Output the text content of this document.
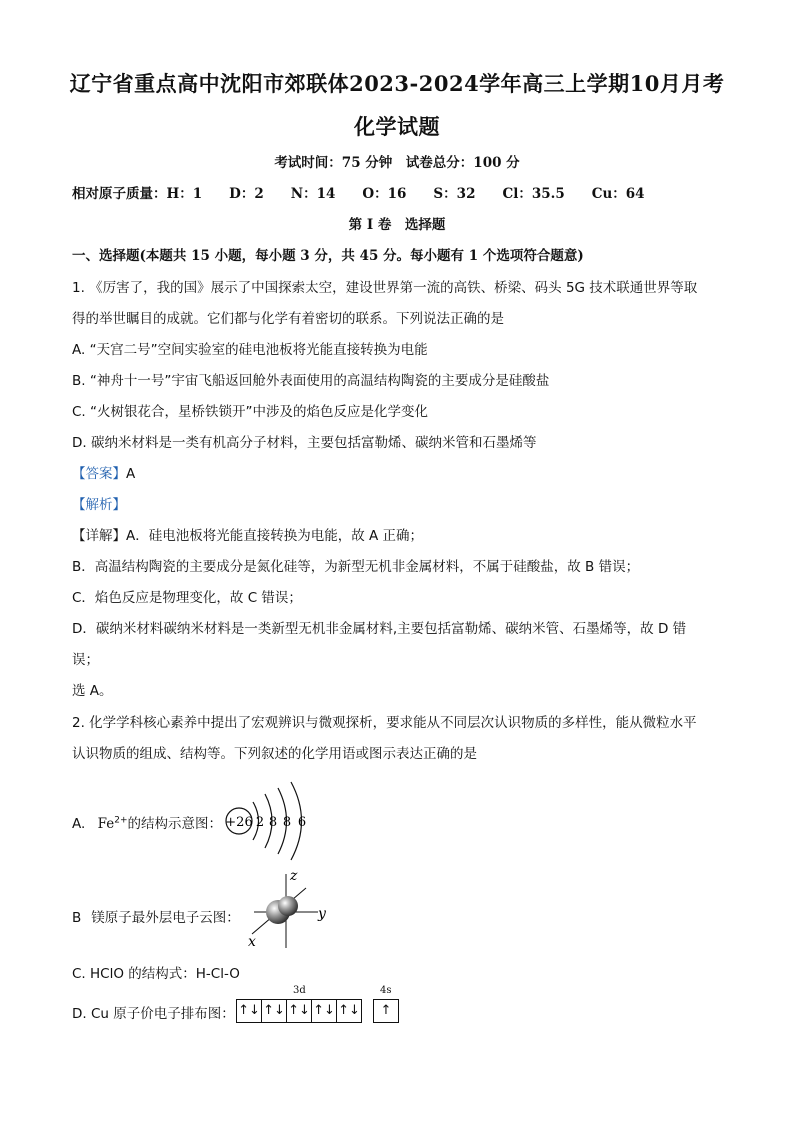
辽宁省重点高中沈阳市郊联体2023-2024学年高三上学期10月月考
化学试题
考试时间：75 分钟　试卷总分：100 分
相对原子质量：H：1　　D：2　　N：14　　O：16　　S：32　　Cl：35.5　　Cu：64
第 I 卷　选择题
一、选择题(本题共 15 小题，每小题 3 分，共 45 分。每小题有 1 个选项符合题意)
1. 《厉害了，我的国》展示了中国探索太空，建设世界第一流的高铁、桥梁、码头 5G 技术联通世界等取
得的举世瞩目的成就。它们都与化学有着密切的联系。下列说法正确的是
A. “天宫二号”空间实验室的硅电池板将光能直接转换为电能
B. “神舟十一号”宇宙飞船返回舱外表面使用的高温结构陶瓷的主要成分是硅酸盐
C. “火树银花合，星桥铁锁开”中涉及的焰色反应是化学变化
D. 碳纳米材料是一类有机高分子材料，主要包括富勒烯、碳纳米管和石墨烯等
【答案】A
【解析】
【详解】A．硅电池板将光能直接转换为电能，故 A 正确；
B．高温结构陶瓷的主要成分是氮化硅等，为新型无机非金属材料，不属于硅酸盐，故 B 错误；
C．焰色反应是物理变化，故 C 错误；
D．碳纳米材料碳纳米材料是一类新型无机非金属材料,主要包括富勒烯、碳纳米管、石墨烯等，故 D 错
误；
选 A。
2. 化学学科核心素养中提出了宏观辨识与微观探析，要求能从不同层次认识物质的多样性，能从微粒水平
认识物质的组成、结构等。下列叙述的化学用语或图示表达正确的是
A. $Fe^{2+}$的结构示意图： +26 2 8 8 6
B 镁原子最外层电子云图：
z
y
x
C. HClO 的结构式：H-Cl-O
D. Cu 原子价电子排布图：
3d	4s
↑↓ ↑↓ ↑↓ ↑↓ ↑↓	↑
